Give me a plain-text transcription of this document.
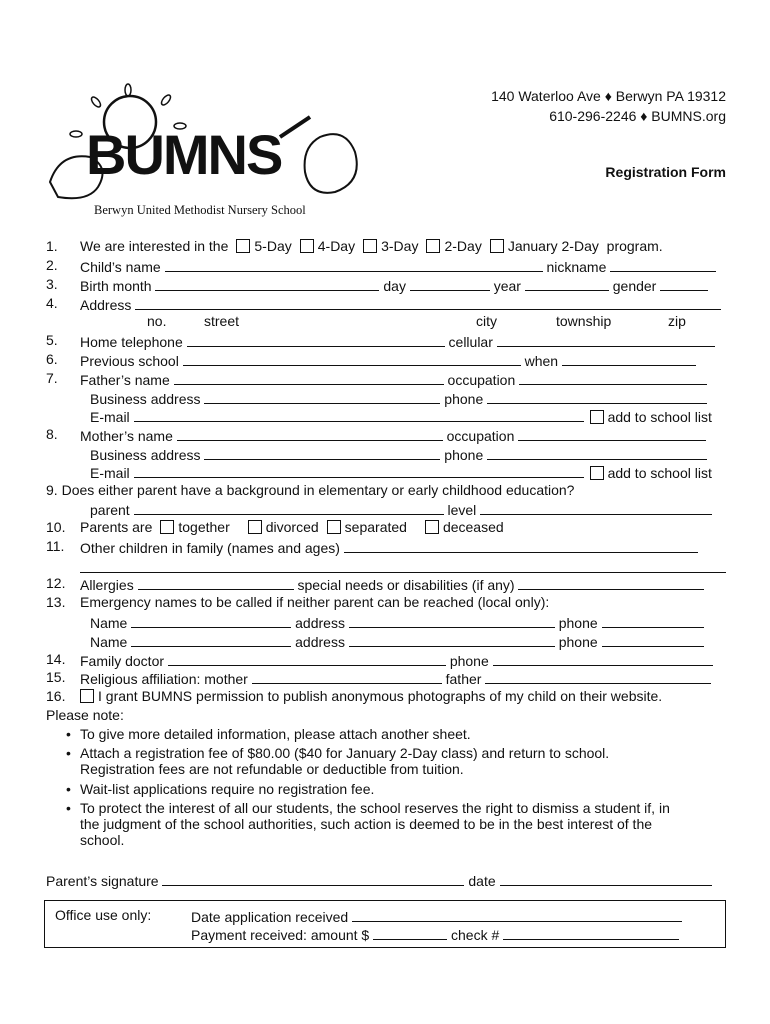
BUMNS
Berwyn United Methodist Nursery School
140 Waterloo Ave ♦ Berwyn PA 19312
610-296-2246 ♦ BUMNS.org
Registration Form
1. We are interested in the 5-Day 4-Day 3-Day 2-Day January 2-Day program.
2. Child’s name	nickname
3. Birth month	day	year	gender
4. Address
no.	street	city	township	zip
5. Home telephone	cellular
6. Previous school	when
7. Father’s name	occupation
Business address	phone
E-mail	add to school list
8. Mother’s name	occupation
Business address	phone
E-mail	add to school list
9. Does either parent have a background in elementary or early childhood education?
parent	level
10. Parents are together	divorced separated	deceased
11. Other children in family (names and ages)
12. Allergies	special needs or disabilities (if any)
13. Emergency names to be called if neither parent can be reached (local only):
Name	address	phone
Name	address	phone
14. Family doctor	phone
15. Religious affiliation: mother	father
16.	I grant BUMNS permission to publish anonymous photographs of my child on their website.
Please note:
• To give more detailed information, please attach another sheet.
• Attach a registration fee of $80.00 ($40 for January 2-Day class) and return to school.
Registration fees are not refundable or deductible from tuition.
• Wait-list applications require no registration fee.
• To protect the interest of all our students, the school reserves the right to dismiss a student if, in
the judgment of the school authorities, such action is deemed to be in the best interest of the
school.
Parent’s signature	date
Office use only:	Date application received
Payment received: amount $	check #
